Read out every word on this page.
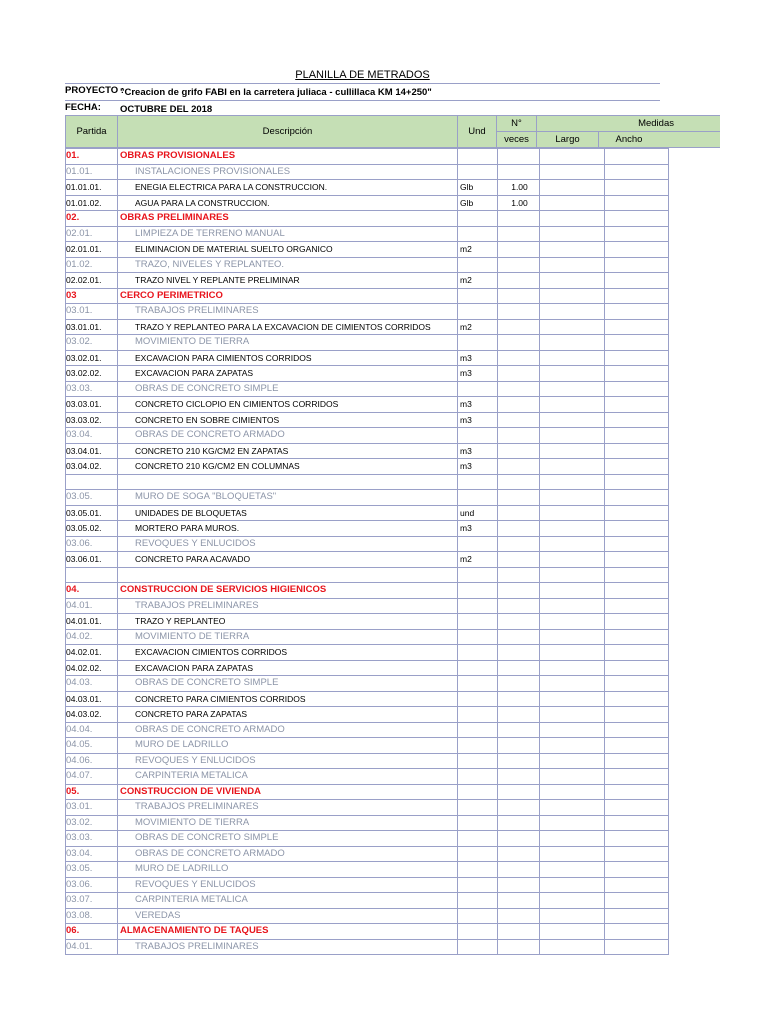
PLANILLA DE METRADOS
PROYECTO :
"Creacion de grifo FABI en la carretera juliaca - cullillaca KM 14+250"
FECHA: OCTUBRE DEL 2018
Partida	Descripción	Und
N°
veces
Medidas
Largo	Ancho
01.	OBRAS PROVISIONALES				
01.01.	INSTALACIONES PROVISIONALES				
01.01.01.	ENEGIA ELECTRICA PARA LA CONSTRUCCION.	Glb	1.00		
01.01.02.	AGUA PARA LA CONSTRUCCION.	Glb	1.00		
02.	OBRAS PRELIMINARES				
02.01.	LIMPIEZA DE TERRENO MANUAL				
02.01.01.	ELIMINACION DE MATERIAL SUELTO ORGANICO	m2			
01.02.	TRAZO, NIVELES Y REPLANTEO.				
02.02.01.	TRAZO NIVEL Y REPLANTE PRELIMINAR	m2			
03	CERCO PERIMETRICO				
03.01.	TRABAJOS PRELIMINARES				
03.01.01.	TRAZO Y REPLANTEO PARA LA EXCAVACION DE CIMIENTOS CORRIDOS	m2			
03.02.	MOVIMIENTO DE TIERRA				
03.02.01.	EXCAVACION PARA CIMIENTOS CORRIDOS	m3			
03.02.02.	EXCAVACION PARA ZAPATAS	m3			
03.03.	OBRAS DE CONCRETO SIMPLE				
03.03.01.	CONCRETO CICLOPIO EN CIMIENTOS CORRIDOS	m3			
03.03.02.	CONCRETO EN SOBRE CIMIENTOS	m3			
03.04.	OBRAS DE CONCRETO ARMADO				
03.04.01.	CONCRETO 210 KG/CM2 EN ZAPATAS	m3			
03.04.02.	CONCRETO 210 KG/CM2 EN COLUMNAS	m3			

03.05.	MURO DE SOGA "BLOQUETAS"				
03.05.01.	UNIDADES DE BLOQUETAS	und			
03.05.02.	MORTERO PARA MUROS.	m3			
03.06.	REVOQUES Y ENLUCIDOS				
03.06.01.	CONCRETO PARA ACAVADO	m2			

04.	CONSTRUCCION DE SERVICIOS HIGIENICOS				
04.01.	TRABAJOS PRELIMINARES				
04.01.01.	TRAZO Y REPLANTEO				
04.02.	MOVIMIENTO DE TIERRA				
04.02.01.	EXCAVACION CIMIENTOS CORRIDOS				
04.02.02.	EXCAVACION PARA ZAPATAS				
04.03.	OBRAS DE CONCRETO SIMPLE				
04.03.01.	CONCRETO PARA CIMIENTOS CORRIDOS				
04.03.02.	CONCRETO PARA ZAPATAS				
04.04.	OBRAS DE CONCRETO ARMADO				
04.05.	MURO DE LADRILLO				
04.06.	REVOQUES Y ENLUCIDOS				
04.07.	CARPINTERIA METALICA				
05.	CONSTRUCCION DE VIVIENDA				
03.01.	TRABAJOS PRELIMINARES				
03.02.	MOVIMIENTO DE TIERRA				
03.03.	OBRAS DE CONCRETO SIMPLE				
03.04.	OBRAS DE CONCRETO ARMADO				
03.05.	MURO DE LADRILLO				
03.06.	REVOQUES Y ENLUCIDOS				
03.07.	CARPINTERIA METALICA				
03.08.	VEREDAS				
06.	ALMACENAMIENTO DE TAQUES				
04.01.	TRABAJOS PRELIMINARES				
